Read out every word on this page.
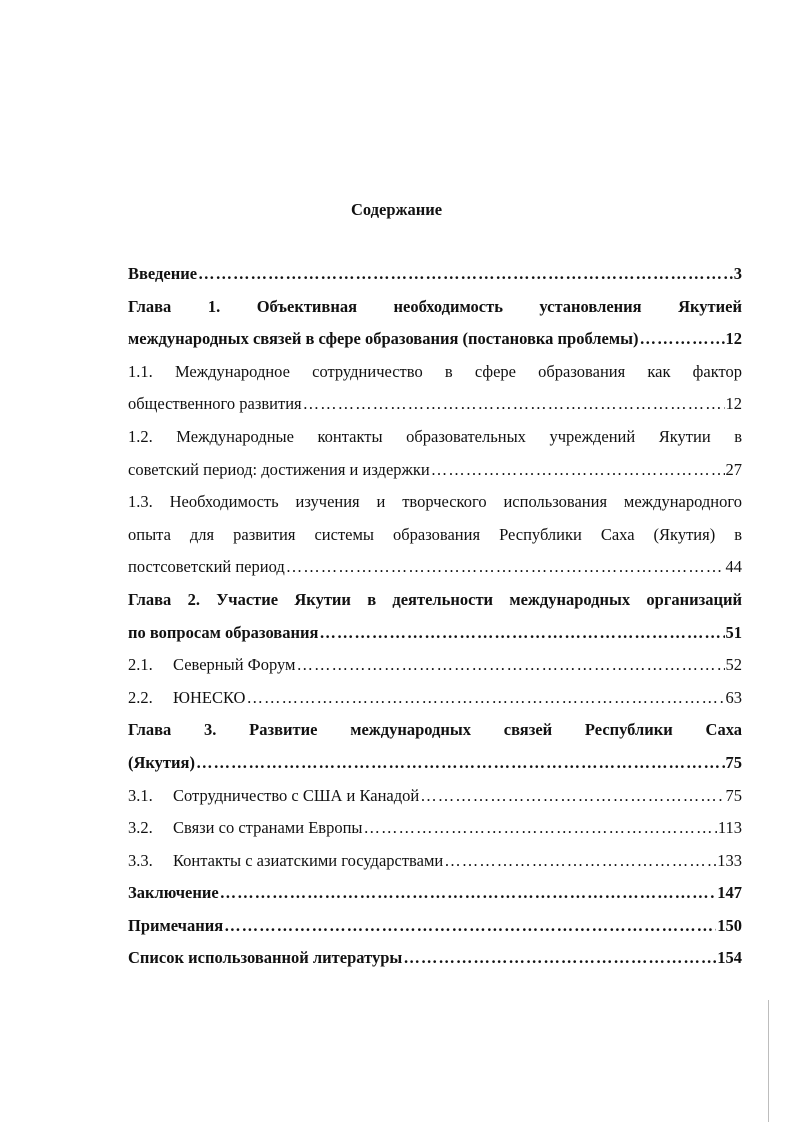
Содержание
Введение ……………………………………………………………………………………………………………………………………………………………………	3
Глава 1. Объективная необходимость установления Якутией
международных связей в сфере образования (постановка проблемы) ……………………………………………………………………………………………………………………………………………………………………	12
1.1. Международное сотрудничество в сфере образования как фактор
общественного развития ……………………………………………………………………………………………………………………………………………………………………	12
1.2. Международные контакты образовательных учреждений Якутии в
советский период: достижения и издержки ……………………………………………………………………………………………………………………………………………………………………	27
1.3. Необходимость изучения и творческого использования международного
опыта для развития системы образования Республики Саха (Якутия) в
постсоветский период ……………………………………………………………………………………………………………………………………………………………………	44
Глава 2. Участие Якутии в деятельности международных организаций
по вопросам образования ……………………………………………………………………………………………………………………………………………………………………	51
2.1.	Северный Форум ……………………………………………………………………………………………………………………………………………………………………	52
2.2.	ЮНЕСКО ……………………………………………………………………………………………………………………………………………………………………	63
Глава 3. Развитие международных связей Республики Саха
(Якутия) ……………………………………………………………………………………………………………………………………………………………………	75
3.1.	Сотрудничество с США и Канадой ……………………………………………………………………………………………………………………………………………………………………	75
3.2.	Связи со странами Европы ……………………………………………………………………………………………………………………………………………………………………	113
3.3.	Контакты с азиатскими государствами ……………………………………………………………………………………………………………………………………………………………………	133
Заключение ……………………………………………………………………………………………………………………………………………………………………	147
Примечания ……………………………………………………………………………………………………………………………………………………………………	150
Список использованной литературы ……………………………………………………………………………………………………………………………………………………………………	154
